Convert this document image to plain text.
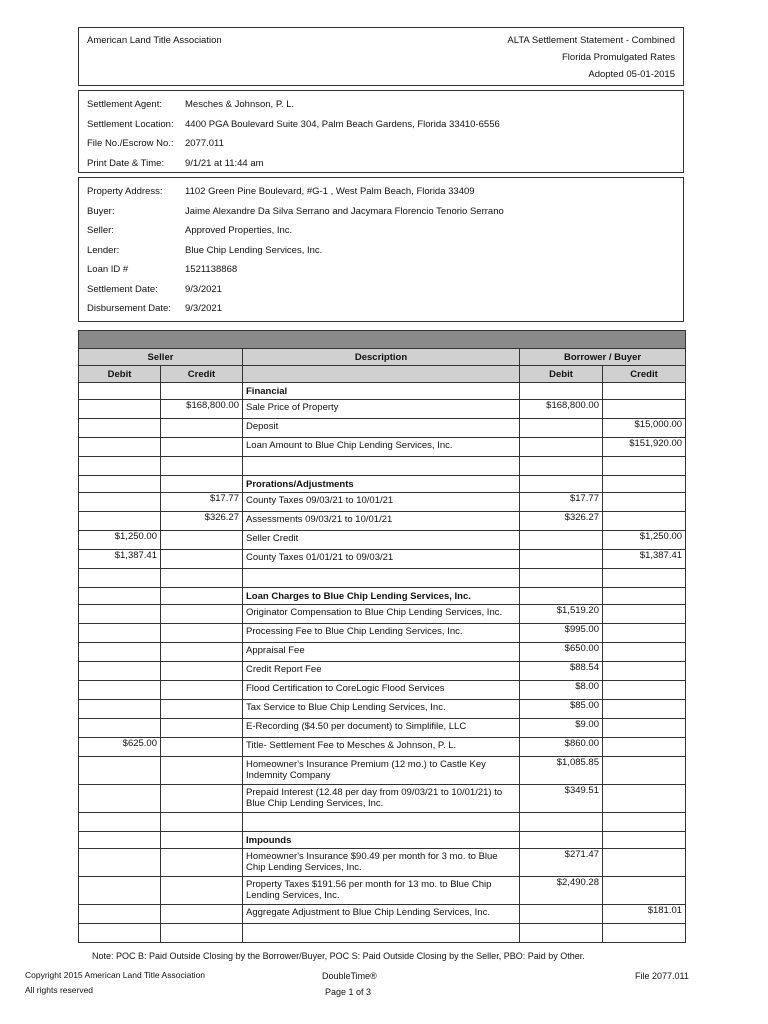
American Land Title Association	ALTA Settlement Statement - Combined
Florida Promulgated Rates
Adopted 05-01-2015
Settlement Agent: Mesches & Johnson, P. L.
Settlement Location: 4400 PGA Boulevard Suite 304, Palm Beach Gardens, Florida 33410-6556
File No./Escrow No.: 2077.011
Print Date & Time: 9/1/21 at 11:44 am
Property Address: 1102 Green Pine Boulevard, #G-1 , West Palm Beach, Florida 33409
Buyer:	Jaime Alexandre Da Silva Serrano and Jacymara Florencio Tenorio Serrano
Seller:	Approved Properties, Inc.
Lender:	Blue Chip Lending Services, Inc.
Loan ID #	1521138868
Settlement Date:	9/3/2021
Disbursement Date: 9/3/2021

Seller		Description	Borrower / Buyer	
Debit	Credit		Debit	Credit
		Financial		
	$168,800.00	Sale Price of Property	$168,800.00	
		Deposit		$15,000.00
		Loan Amount to Blue Chip Lending Services, Inc.		$151,920.00

		Prorations/Adjustments		
	$17.77	County Taxes 09/03/21 to 10/01/21	$17.77	
	$326.27	Assessments 09/03/21 to 10/01/21	$326.27	
$1,250.00		Seller Credit		$1,250.00
$1,387.41		County Taxes 01/01/21 to 09/03/21		$1,387.41

		Loan Charges to Blue Chip Lending Services, Inc.		
		Originator Compensation to Blue Chip Lending Services, Inc.	$1,519.20	
		Processing Fee to Blue Chip Lending Services, Inc.	$995.00	
		Appraisal Fee	$650.00	
		Credit Report Fee	$88.54	
		Flood Certification to CoreLogic Flood Services	$8.00	
		Tax Service to Blue Chip Lending Services, Inc.	$85.00	
		E-Recording ($4.50 per document) to Simplifile, LLC	$9.00	
$625.00		Title- Settlement Fee to Mesches & Johnson, P. L.	$860.00	
		Homeowner's Insurance Premium (12 mo.) to Castle Key Indemnity Company	$1,085.85	
		Prepaid Interest (12.48 per day from 09/03/21 to 10/01/21) to Blue Chip Lending Services, Inc.	$349.51	

		Impounds		
		Homeowner's Insurance $90.49 per month for 3 mo. to Blue Chip Lending Services, Inc.	$271.47	
		Property Taxes $191.56 per month for 13 mo. to Blue Chip Lending Services, Inc.	$2,490.28	
		Aggregate Adjustment to Blue Chip Lending Services, Inc.		$181.01

Note: POC B: Paid Outside Closing by the Borrower/Buyer, POC S: Paid Outside Closing by the Seller, PBO: Paid by Other.
Copyright 2015 American Land Title Association
All rights reserved
DoubleTime®
Page 1 of 3
File 2077.011
